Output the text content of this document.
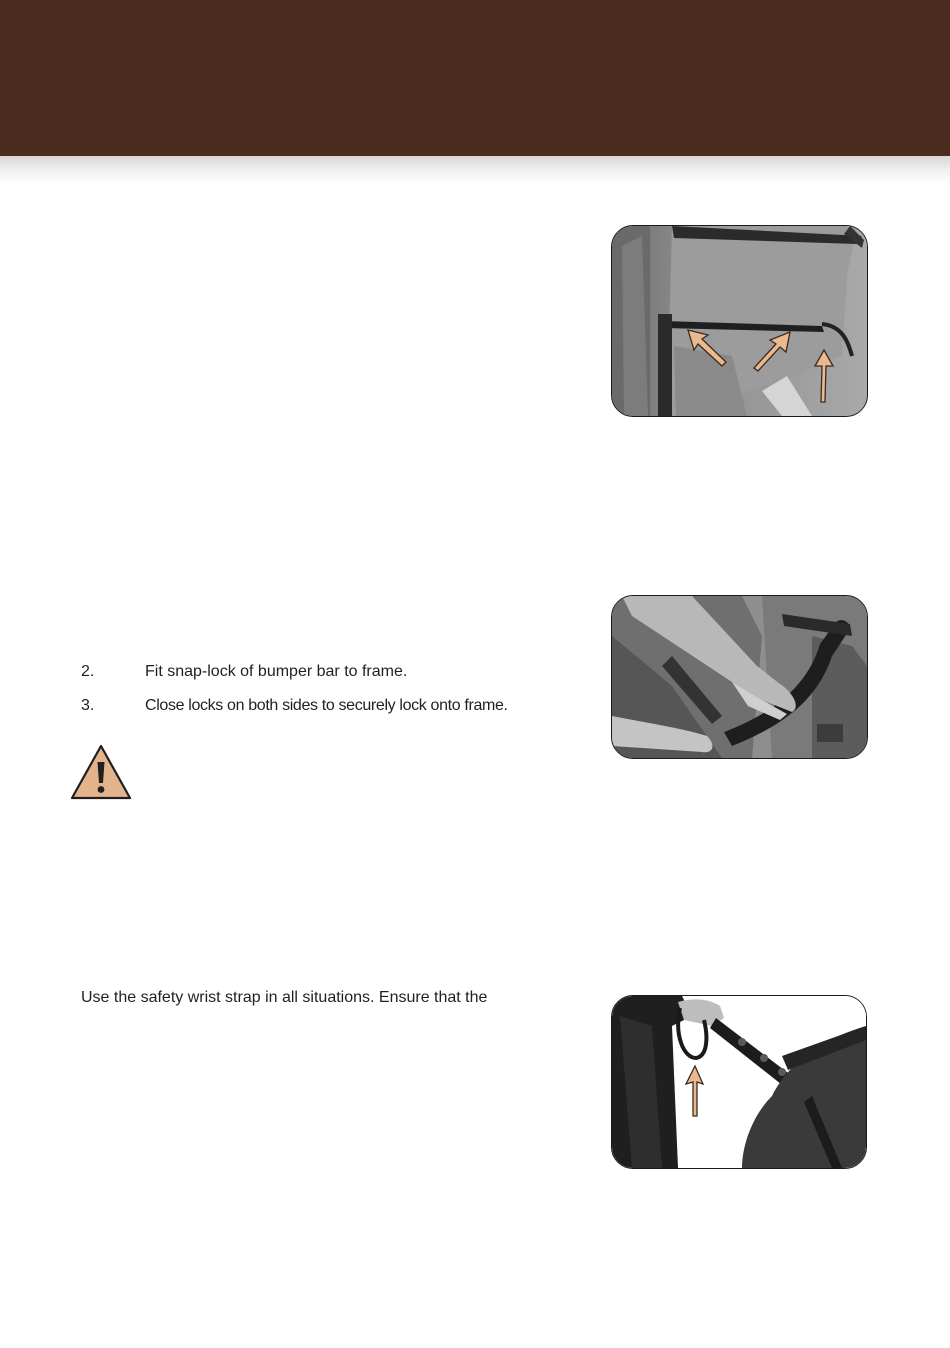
2.	Fit snap-lock of bumper bar to frame.
3.	Close locks on both sides to securely lock onto frame.
Use the safety wrist strap in all situations. Ensure that the
